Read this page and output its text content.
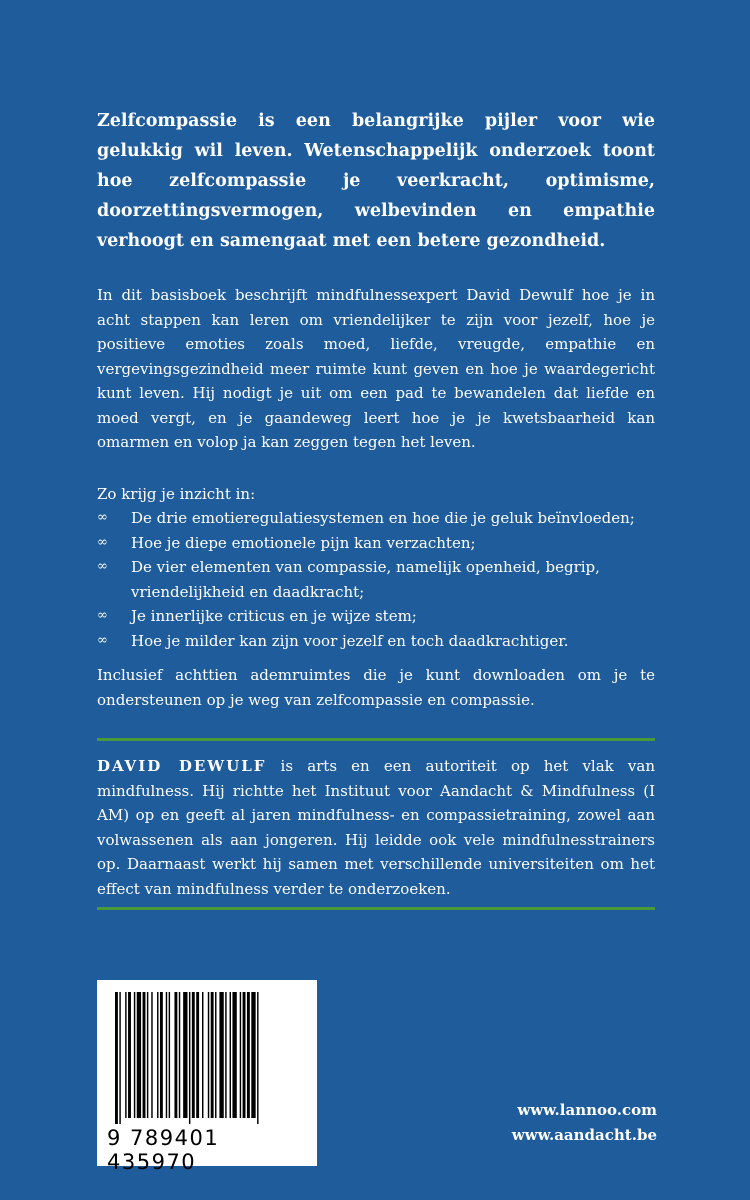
Zelfcompassie is een belangrijke pijler voor wie gelukkig wil leven. Wetenschappelijk onderzoek toont hoe zelfcompassie je veerkracht, optimisme, doorzettingsvermogen, welbevinden en empathie verhoogt en samengaat met een betere gezondheid.

In dit basisboek beschrijft mindfulnessexpert David Dewulf hoe je in acht stappen kan leren om vriendelijker te zijn voor jezelf, hoe je positieve emoties zoals moed, liefde, vreugde, empathie en vergevingsgezindheid meer ruimte kunt geven en hoe je waardegericht kunt leven. Hij nodigt je uit om een pad te bewandelen dat liefde en moed vergt, en je gaandeweg leert hoe je je kwetsbaarheid kan omarmen en volop ja kan zeggen tegen het leven.

Zo krijg je inzicht in:

∞ De drie emotieregulatiesystemen en hoe die je geluk beïnvloeden;
∞ Hoe je diepe emotionele pijn kan verzachten;
∞ De vier elementen van compassie, namelijk openheid, begrip, vriendelijkheid en daadkracht;
∞ Je innerlijke criticus en je wijze stem;
∞ Hoe je milder kan zijn voor jezelf en toch daadkrachtiger.

Inclusief achttien ademruimtes die je kunt downloaden om je te ondersteunen op je weg van zelfcompassie en compassie.

DAVID DEWULF is arts en een autoriteit op het vlak van mindfulness. Hij richtte het Instituut voor Aandacht & Mindfulness (I AM) op en geeft al jaren mindfulness- en compassietraining, zowel aan volwassenen als aan jongeren. Hij leidde ook vele mindfulnesstrainers op. Daarnaast werkt hij samen met verschillende universiteiten om het effect van mindfulness verder te onderzoeken.

9 789401 435970

www.lannoo.com
www.aandacht.be
